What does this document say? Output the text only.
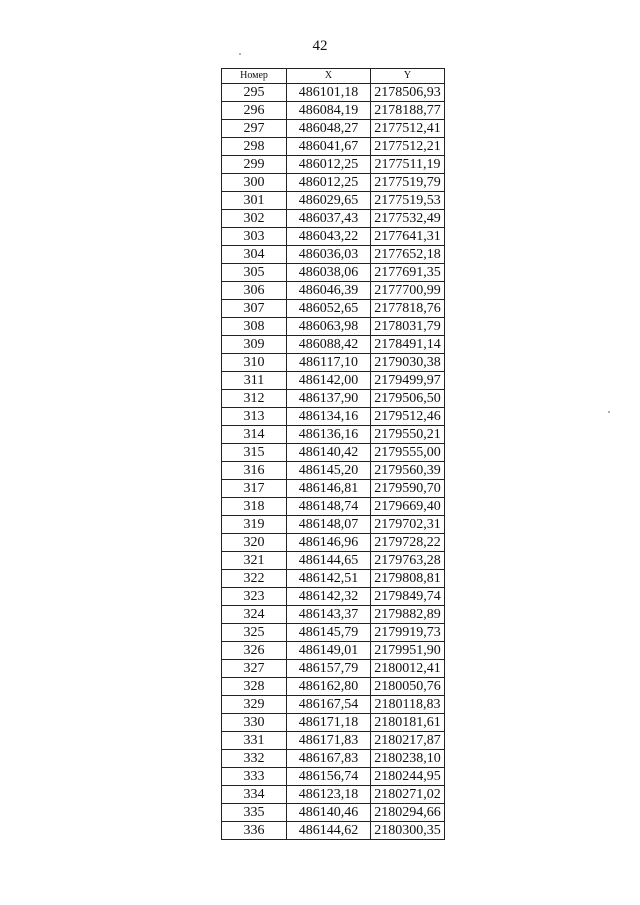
42
Номер	X	Y
295	486101,18	2178506,93
296	486084,19	2178188,77
297	486048,27	2177512,41
298	486041,67	2177512,21
299	486012,25	2177511,19
300	486012,25	2177519,79
301	486029,65	2177519,53
302	486037,43	2177532,49
303	486043,22	2177641,31
304	486036,03	2177652,18
305	486038,06	2177691,35
306	486046,39	2177700,99
307	486052,65	2177818,76
308	486063,98	2178031,79
309	486088,42	2178491,14
310	486117,10	2179030,38
311	486142,00	2179499,97
312	486137,90	2179506,50
313	486134,16	2179512,46
314	486136,16	2179550,21
315	486140,42	2179555,00
316	486145,20	2179560,39
317	486146,81	2179590,70
318	486148,74	2179669,40
319	486148,07	2179702,31
320	486146,96	2179728,22
321	486144,65	2179763,28
322	486142,51	2179808,81
323	486142,32	2179849,74
324	486143,37	2179882,89
325	486145,79	2179919,73
326	486149,01	2179951,90
327	486157,79	2180012,41
328	486162,80	2180050,76
329	486167,54	2180118,83
330	486171,18	2180181,61
331	486171,83	2180217,87
332	486167,83	2180238,10
333	486156,74	2180244,95
334	486123,18	2180271,02
335	486140,46	2180294,66
336	486144,62	2180300,35
